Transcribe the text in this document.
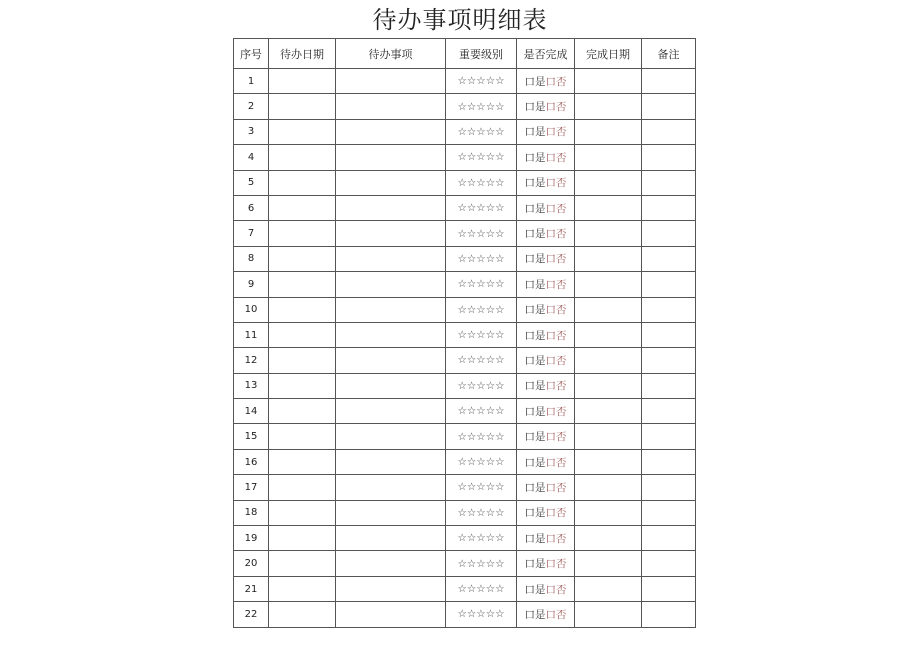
待办事项明细表
序号	待办日期	待办事项	重要级别	是否完成	完成日期	备注
1			☆☆☆☆☆	口是口否		
2			☆☆☆☆☆	口是口否		
3			☆☆☆☆☆	口是口否		
4			☆☆☆☆☆	口是口否		
5			☆☆☆☆☆	口是口否		
6			☆☆☆☆☆	口是口否		
7			☆☆☆☆☆	口是口否		
8			☆☆☆☆☆	口是口否		
9			☆☆☆☆☆	口是口否		
10			☆☆☆☆☆	口是口否		
11			☆☆☆☆☆	口是口否		
12			☆☆☆☆☆	口是口否		
13			☆☆☆☆☆	口是口否		
14			☆☆☆☆☆	口是口否		
15			☆☆☆☆☆	口是口否		
16			☆☆☆☆☆	口是口否		
17			☆☆☆☆☆	口是口否		
18			☆☆☆☆☆	口是口否		
19			☆☆☆☆☆	口是口否		
20			☆☆☆☆☆	口是口否		
21			☆☆☆☆☆	口是口否		
22			☆☆☆☆☆	口是口否		
